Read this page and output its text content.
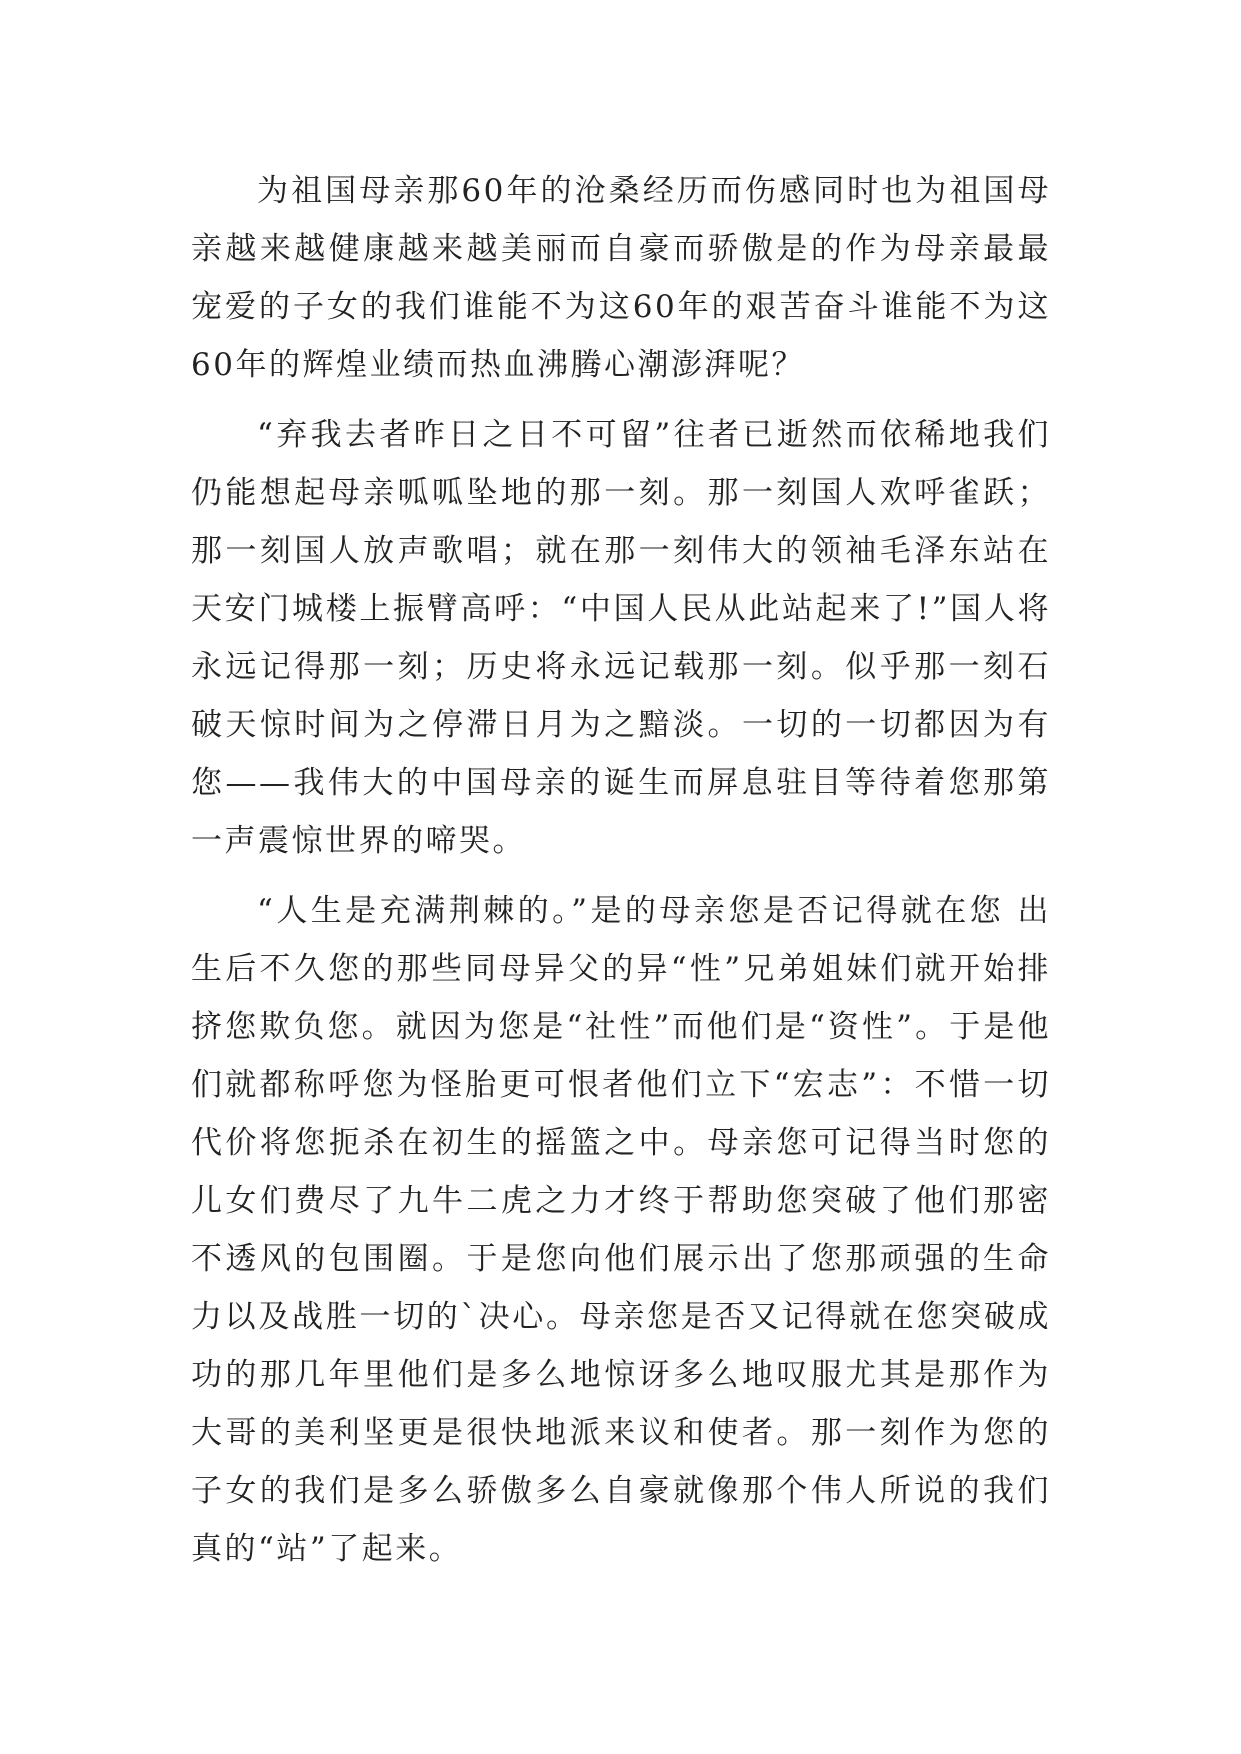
为祖国母亲那60年的沧桑经历而伤感同时也为祖国母亲越来越健康越来越美丽而自豪而骄傲是的作为母亲最最宠爱的子女的我们谁能不为这60年的艰苦奋斗谁能不为这60年的辉煌业绩而热血沸腾心潮澎湃呢？

“弃我去者昨日之日不可留”往者已逝然而依稀地我们仍能想起母亲呱呱坠地的那一刻。那一刻国人欢呼雀跃；那一刻国人放声歌唱；就在那一刻伟大的领袖毛泽东站在天安门城楼上振臂高呼：“中国人民从此站起来了!”国人将永远记得那一刻；历史将永远记载那一刻。似乎那一刻石破天惊时间为之停滞日月为之黯淡。一切的一切都因为有您——我伟大的中国母亲的诞生而屏息驻目等待着您那第一声震惊世界的啼哭。

“人生是充满荆棘的。”是的母亲您是否记得就在您 出生后不久您的那些同母异父的异“性”兄弟姐妹们就开始排挤您欺负您。就因为您是“社性”而他们是“资性”。于是他们就都称呼您为怪胎更可恨者他们立下“宏志”：不惜一切代价将您扼杀在初生的摇篮之中。母亲您可记得当时您的儿女们费尽了九牛二虎之力才终于帮助您突破了他们那密不透风的包围圈。于是您向他们展示出了您那顽强的生命力以及战胜一切的`决心。母亲您是否又记得就在您突破成功的那几年里他们是多么地惊讶多么地叹服尤其是那作为大哥的美利坚更是很快地派来议和使者。那一刻作为您的子女的我们是多么骄傲多么自豪就像那个伟人所说的我们真的“站”了起来。
